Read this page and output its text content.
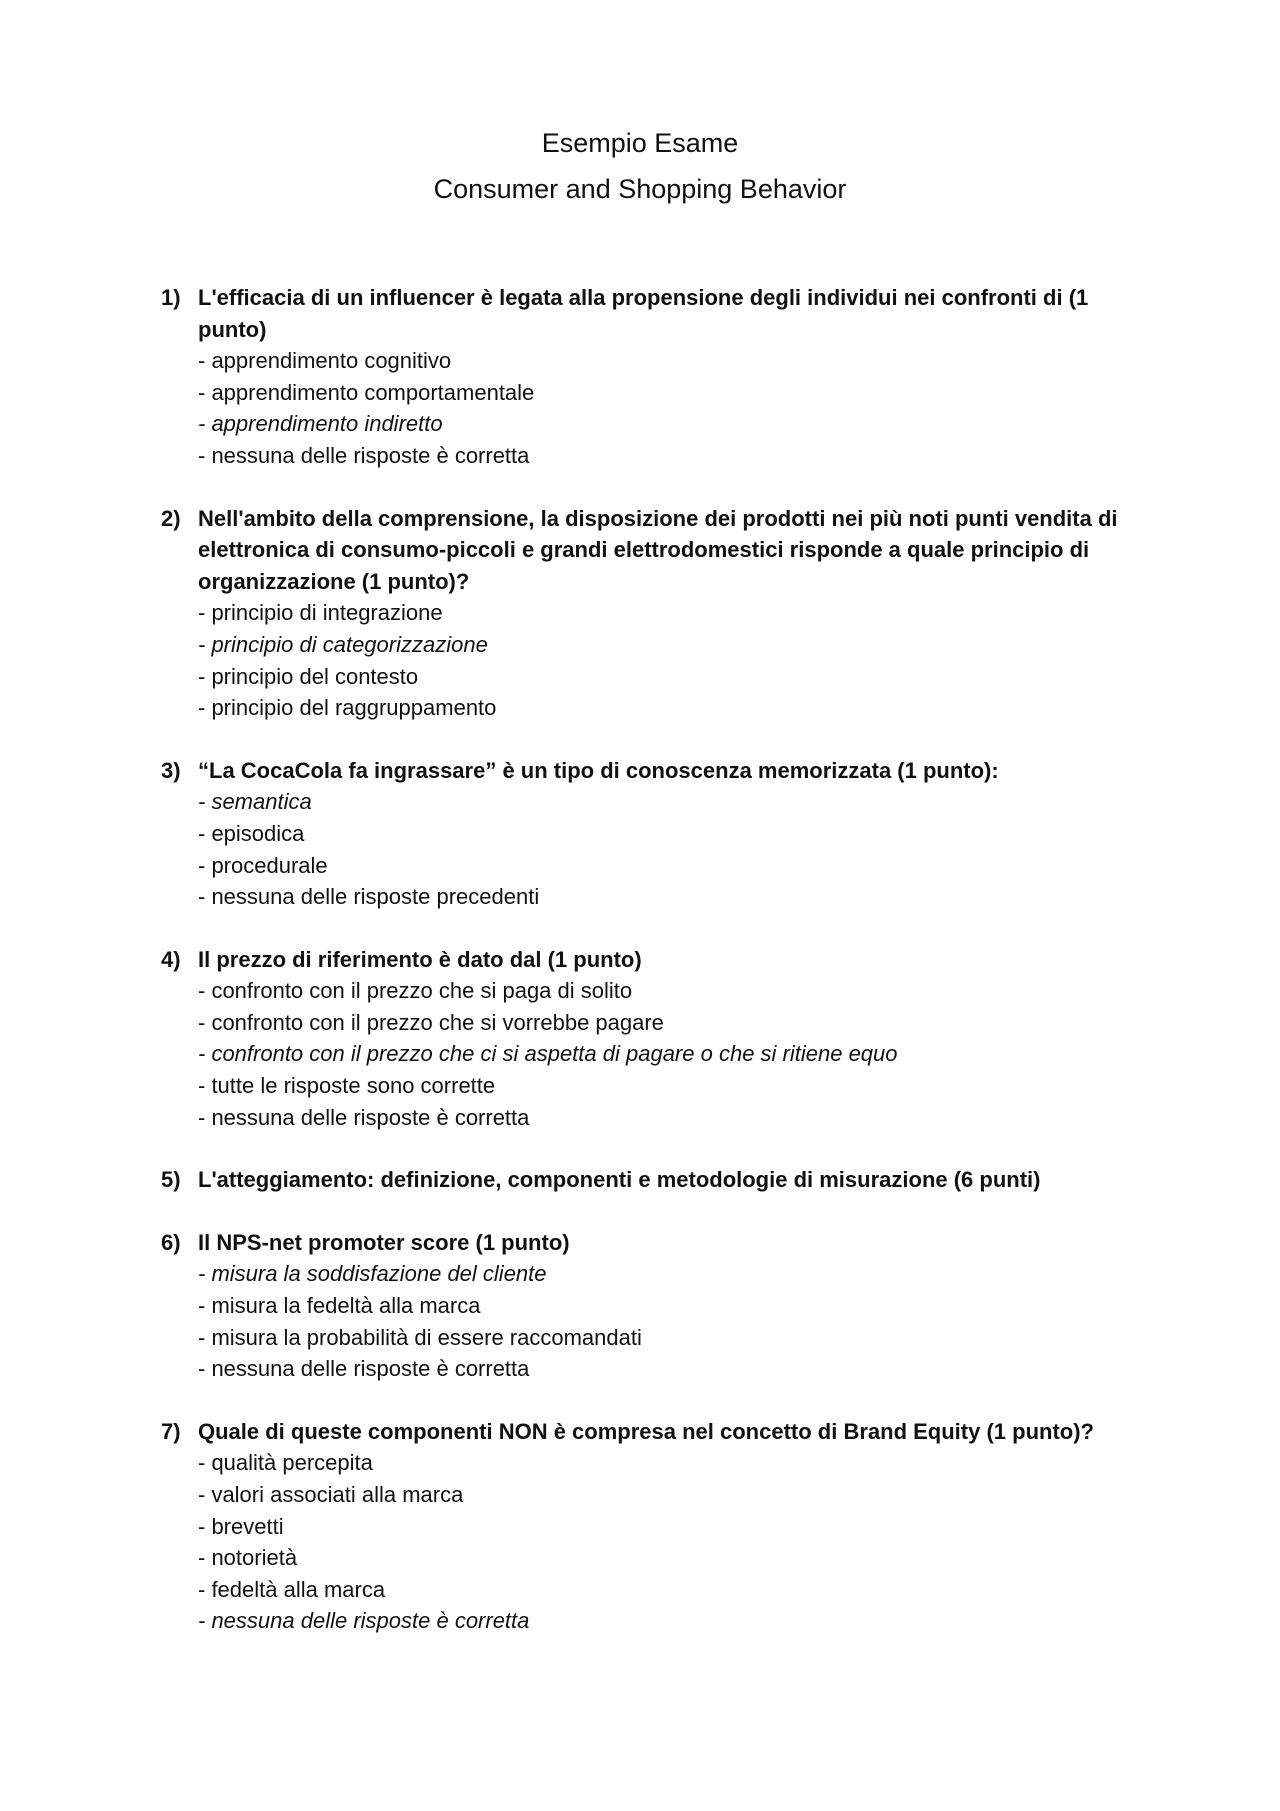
Esempio Esame
Consumer and Shopping Behavior
1) L'efficacia di un influencer è legata alla propensione degli individui nei confronti di (1 punto)
- apprendimento cognitivo
- apprendimento comportamentale
- apprendimento indiretto
- nessuna delle risposte è corretta
2) Nell'ambito della comprensione, la disposizione dei prodotti nei più noti punti vendita di elettronica di consumo-piccoli e grandi elettrodomestici risponde a quale principio di organizzazione (1 punto)?
- principio di integrazione
- principio di categorizzazione
- principio del contesto
- principio del raggruppamento
3) “La CocaCola fa ingrassare” è un tipo di conoscenza memorizzata (1 punto):
- semantica
- episodica
- procedurale
- nessuna delle risposte precedenti
4) Il prezzo di riferimento è dato dal (1 punto)
- confronto con il prezzo che si paga di solito
- confronto con il prezzo che si vorrebbe pagare
- confronto con il prezzo che ci si aspetta di pagare o che si ritiene equo
- tutte le risposte sono corrette
- nessuna delle risposte è corretta
5) L'atteggiamento: definizione, componenti e metodologie di misurazione (6 punti)
6) Il NPS-net promoter score (1 punto)
- misura la soddisfazione del cliente
- misura la fedeltà alla marca
- misura la probabilità di essere raccomandati
- nessuna delle risposte è corretta
7) Quale di queste componenti NON è compresa nel concetto di Brand Equity (1 punto)?
- qualità percepita
- valori associati alla marca
- brevetti
- notorietà
- fedeltà alla marca
- nessuna delle risposte è corretta
